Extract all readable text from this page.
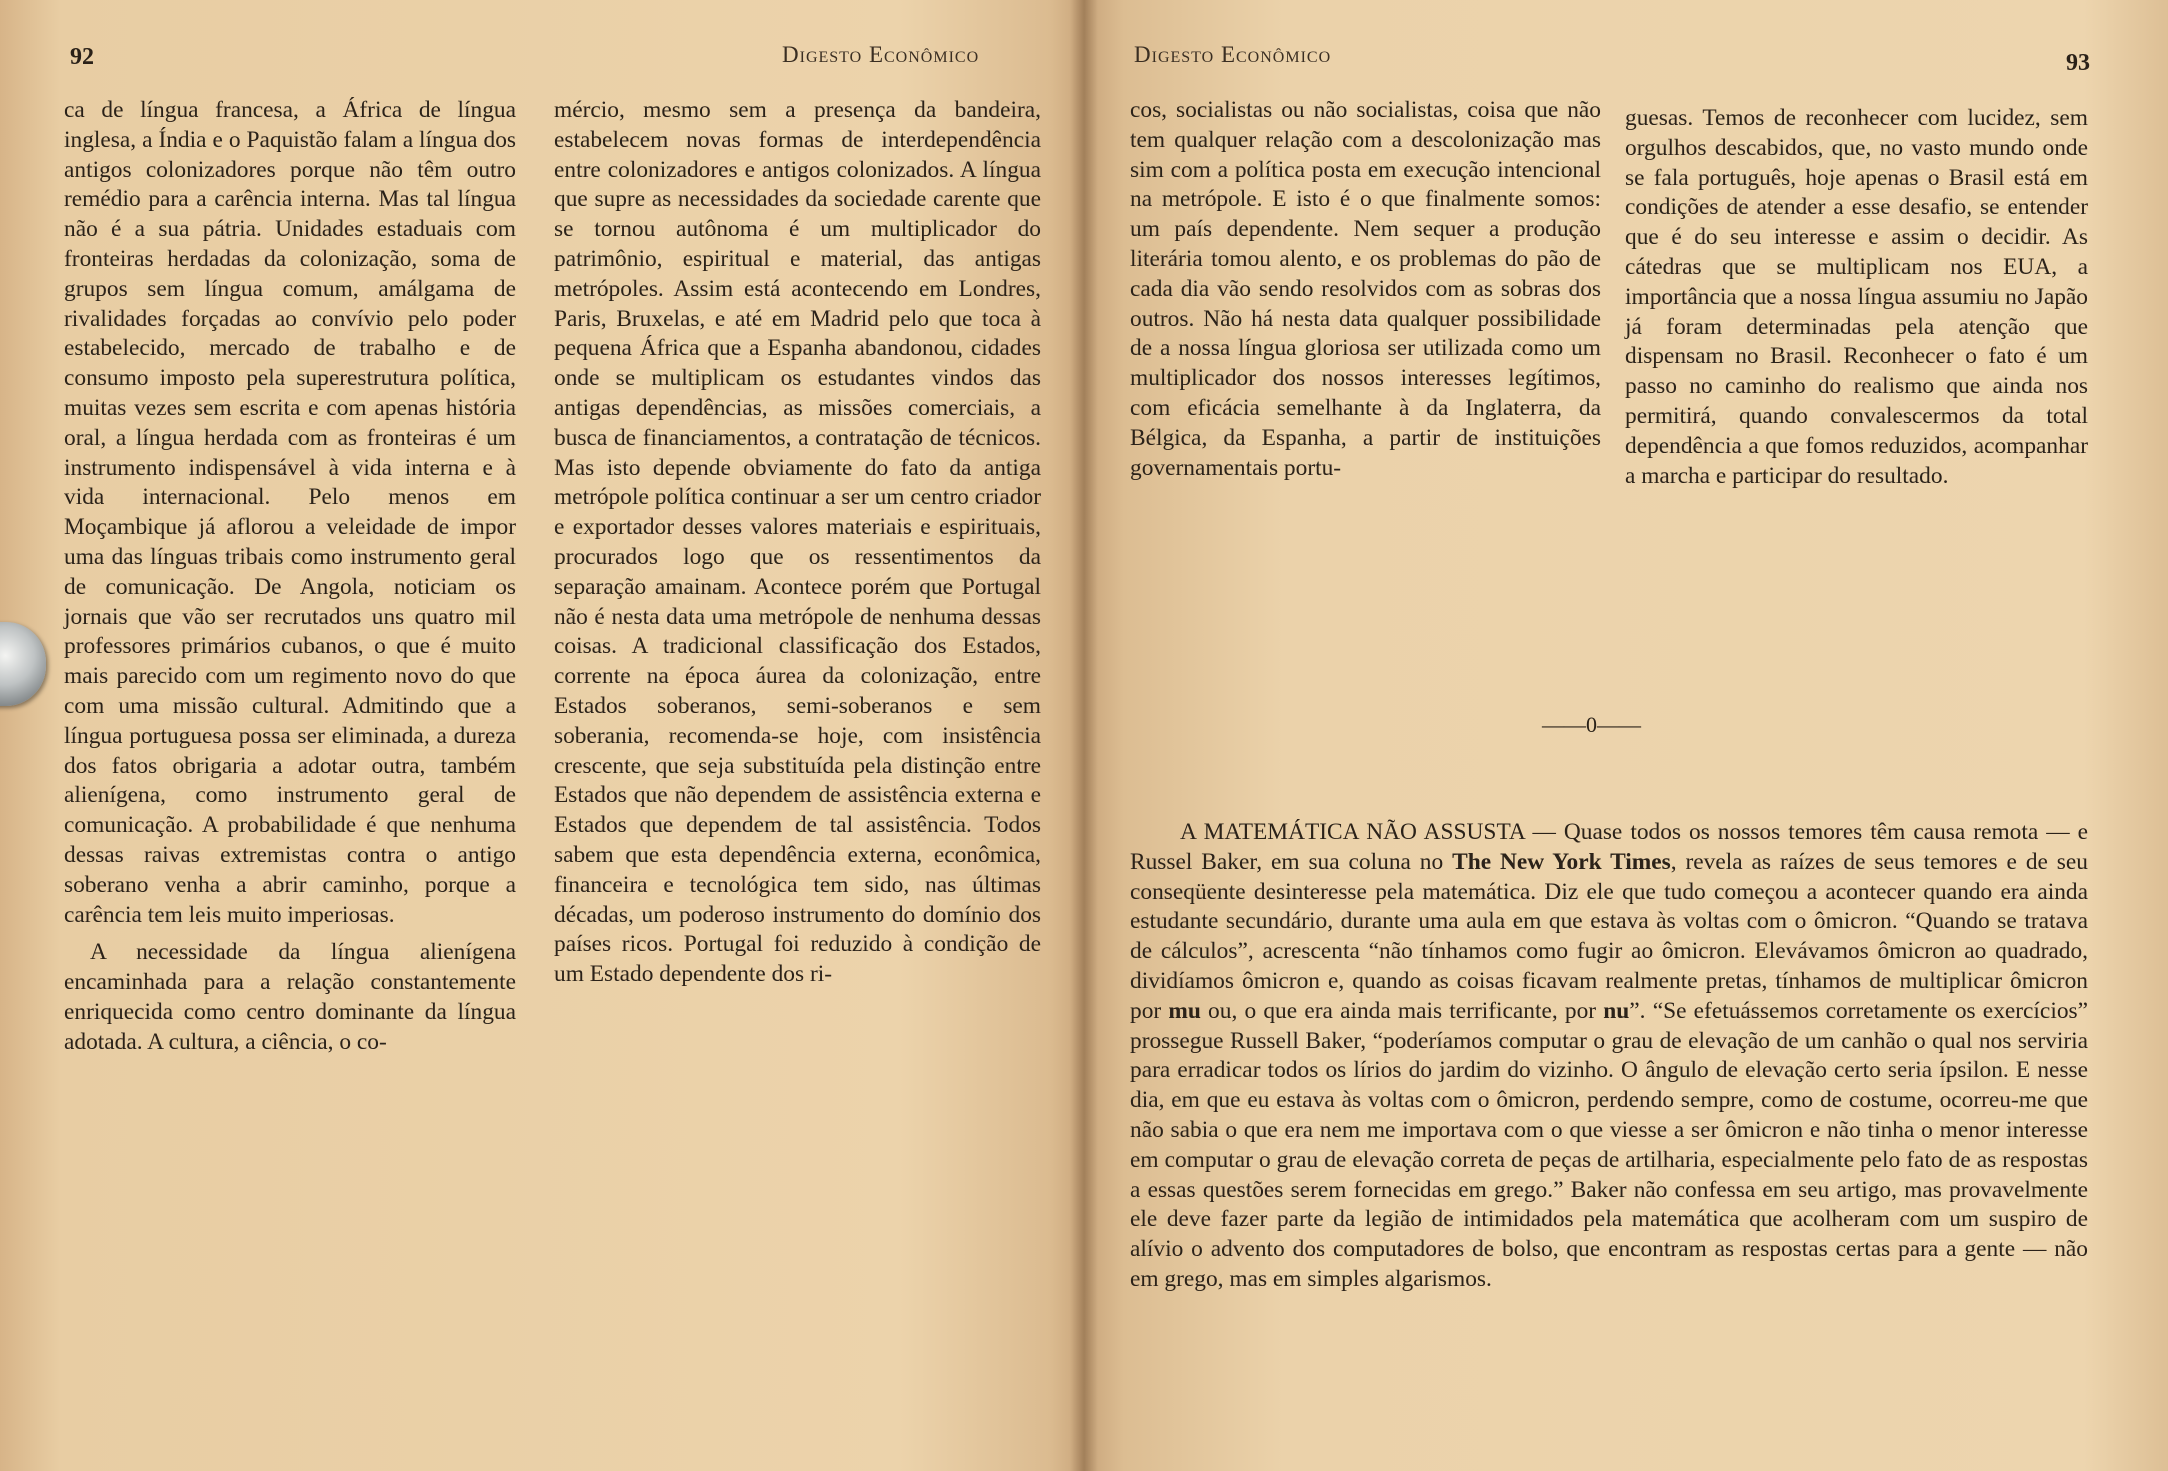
92	Digesto Econômico

ca de língua francesa, a África de língua inglesa, a Índia e o Paquistão falam a língua dos antigos colonizadores porque não têm outro remédio para a carência interna. Mas tal língua não é a sua pátria. Unidades estaduais com fronteiras herdadas da colonização, soma de grupos sem língua comum, amálgama de rivalidades forçadas ao convívio pelo poder estabelecido, mercado de trabalho e de consumo imposto pela superestrutura política, muitas vezes sem escrita e com apenas história oral, a língua herdada com as fronteiras é um instrumento indispensável à vida interna e à vida internacional. Pelo menos em Moçambique já aflorou a veleidade de impor uma das línguas tribais como instrumento geral de comunicação. De Angola, noticiam os jornais que vão ser recrutados uns quatro mil professores primários cubanos, o que é muito mais parecido com um regimento novo do que com uma missão cultural. Admitindo que a língua portuguesa possa ser eliminada, a dureza dos fatos obrigaria a adotar outra, também alienígena, como instrumento geral de comunicação. A probabilidade é que nenhuma dessas raivas extremistas contra o antigo soberano venha a abrir caminho, porque a carência tem leis muito imperiosas.

A necessidade da língua alienígena encaminhada para a relação constantemente enriquecida como centro dominante da língua adotada. A cultura, a ciência, o co-

mércio, mesmo sem a presença da bandeira, estabelecem novas formas de interdependência entre colonizadores e antigos colonizados. A língua que supre as necessidades da sociedade carente que se tornou autônoma é um multiplicador do patrimônio, espiritual e material, das antigas metrópoles. Assim está acontecendo em Londres, Paris, Bruxelas, e até em Madrid pelo que toca à pequena África que a Espanha abandonou, cidades onde se multiplicam os estudantes vindos das antigas dependências, as missões comerciais, a busca de financiamentos, a contratação de técnicos. Mas isto depende obviamente do fato da antiga metrópole política continuar a ser um centro criador e exportador desses valores materiais e espirituais, procurados logo que os ressentimentos da separação amainam. Acontece porém que Portugal não é nesta data uma metrópole de nenhuma dessas coisas. A tradicional classificação dos Estados, corrente na época áurea da colonização, entre Estados soberanos, semi-soberanos e sem soberania, recomenda-se hoje, com insistência crescente, que seja substituída pela distinção entre Estados que não dependem de assistência externa e Estados que dependem de tal assistência. Todos sabem que esta dependência externa, econômica, financeira e tecnológica tem sido, nas últimas décadas, um poderoso instrumento do domínio dos países ricos. Portugal foi reduzido à condição de um Estado dependente dos ri-

Digesto Econômico	93

cos, socialistas ou não socialistas, coisa que não tem qualquer relação com a descolonização mas sim com a política posta em execução intencional na metrópole. E isto é o que finalmente somos: um país dependente. Nem sequer a produção literária tomou alento, e os problemas do pão de cada dia vão sendo resolvidos com as sobras dos outros. Não há nesta data qualquer possibilidade de a nossa língua gloriosa ser utilizada como um multiplicador dos nossos interesses legítimos, com eficácia semelhante à da Inglaterra, da Bélgica, da Espanha, a partir de instituições governamentais portu-

guesas. Temos de reconhecer com lucidez, sem orgulhos descabidos, que, no vasto mundo onde se fala português, hoje apenas o Brasil está em condições de atender a esse desafio, se entender que é do seu interesse e assim o decidir. As cátedras que se multiplicam nos EUA, a importância que a nossa língua assumiu no Japão já foram determinadas pela atenção que dispensam no Brasil. Reconhecer o fato é um passo no caminho do realismo que ainda nos permitirá, quando convalescermos da total dependência a que fomos reduzidos, acompanhar a marcha e participar do resultado.

——0——
A MATEMÁTICA NÃO ASSUSTA — Quase todos os nossos temores têm causa remota — e Russel Baker, em sua coluna no The New York Times, revela as raízes de seus temores e de seu conseqüente desinteresse pela matemática. Diz ele que tudo começou a acontecer quando era ainda estudante secundário, durante uma aula em que estava às voltas com o ômicron. “Quando se tratava de cálculos”, acrescenta “não tínhamos como fugir ao ômicron. Elevávamos ômicron ao quadrado, dividíamos ômicron e, quando as coisas ficavam realmente pretas, tínhamos de multiplicar ômicron por mu ou, o que era ainda mais terrificante, por nu”. “Se efetuássemos corretamente os exercícios” prossegue Russell Baker, “poderíamos computar o grau de elevação de um canhão o qual nos serviria para erradicar todos os lírios do jardim do vizinho. O ângulo de elevação certo seria ípsilon. E nesse dia, em que eu estava às voltas com o ômicron, perdendo sempre, como de costume, ocorreu-me que não sabia o que era nem me importava com o que viesse a ser ômicron e não tinha o menor interesse em computar o grau de elevação correta de peças de artilharia, especialmente pelo fato de as respostas a essas questões serem fornecidas em grego.” Baker não confessa em seu artigo, mas provavelmente ele deve fazer parte da legião de intimidados pela matemática que acolheram com um suspiro de alívio o advento dos computadores de bolso, que encontram as respostas certas para a gente — não em grego, mas em simples algarismos.
